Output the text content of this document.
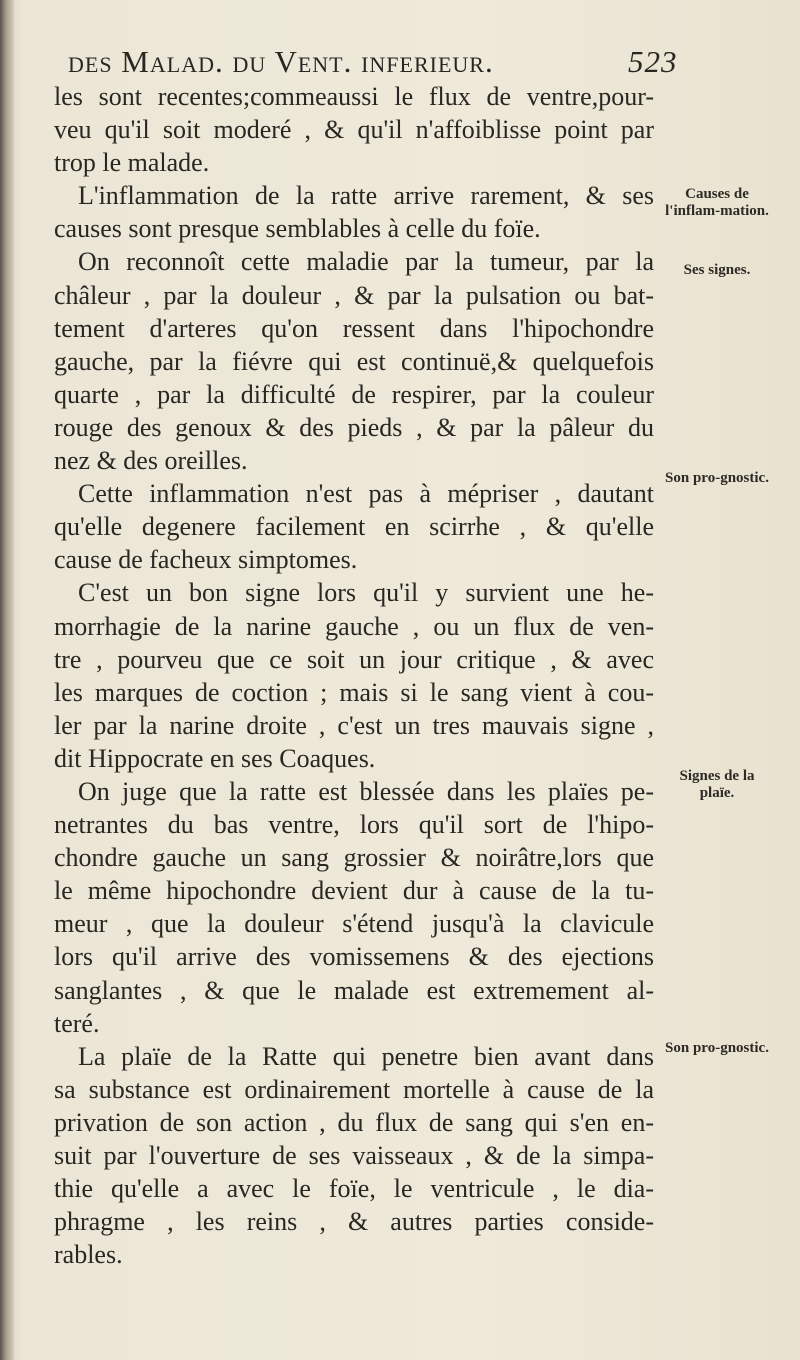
des Malad. du Vent. inferieur.	523
les sont recentes;commeaussi le flux de ventre,pour-
veu qu'il soit moderé , & qu'il n'affoiblisse point par
trop le malade.
L'inflammation de la ratte arrive rarement, & ses
causes sont presque semblables à celle du foïe.
On reconnoît cette maladie par la tumeur, par la
châleur , par la douleur , & par la pulsation ou bat-
tement d'arteres qu'on ressent dans l'hipochondre
gauche, par la fiévre qui est continuë,& quelquefois
quarte , par la difficulté de respirer, par la couleur
rouge des genoux & des pieds , & par la pâleur du
nez & des oreilles.
Cette inflammation n'est pas à mépriser , dautant
qu'elle degenere facilement en scirrhe , & qu'elle
cause de facheux simptomes.
C'est un bon signe lors qu'il y survient une he-
morrhagie de la narine gauche , ou un flux de ven-
tre , pourveu que ce soit un jour critique , & avec
les marques de coction ; mais si le sang vient à cou-
ler par la narine droite , c'est un tres mauvais signe ,
dit Hippocrate en ses Coaques.
On juge que la ratte est blessée dans les plaïes pe-
netrantes du bas ventre, lors qu'il sort de l'hipo-
chondre gauche un sang grossier & noirâtre,lors que
le même hipochondre devient dur à cause de la tu-
meur , que la douleur s'étend jusqu'à la clavicule
lors qu'il arrive des vomissemens & des ejections
sanglantes , & que le malade est extremement al-
teré.
La plaïe de la Ratte qui penetre bien avant dans
sa substance est ordinairement mortelle à cause de la
privation de son action , du flux de sang qui s'en en-
suit par l'ouverture de ses vaisseaux , & de la simpa-
thie qu'elle a avec le foïe, le ventricule , le dia-
phragme , les reins , & autres parties conside-
rables.
Causes de l'inflam-mation.
Ses signes.
Son pro-gnostic.
Signes de la plaïe.
Son pro-gnostic.
